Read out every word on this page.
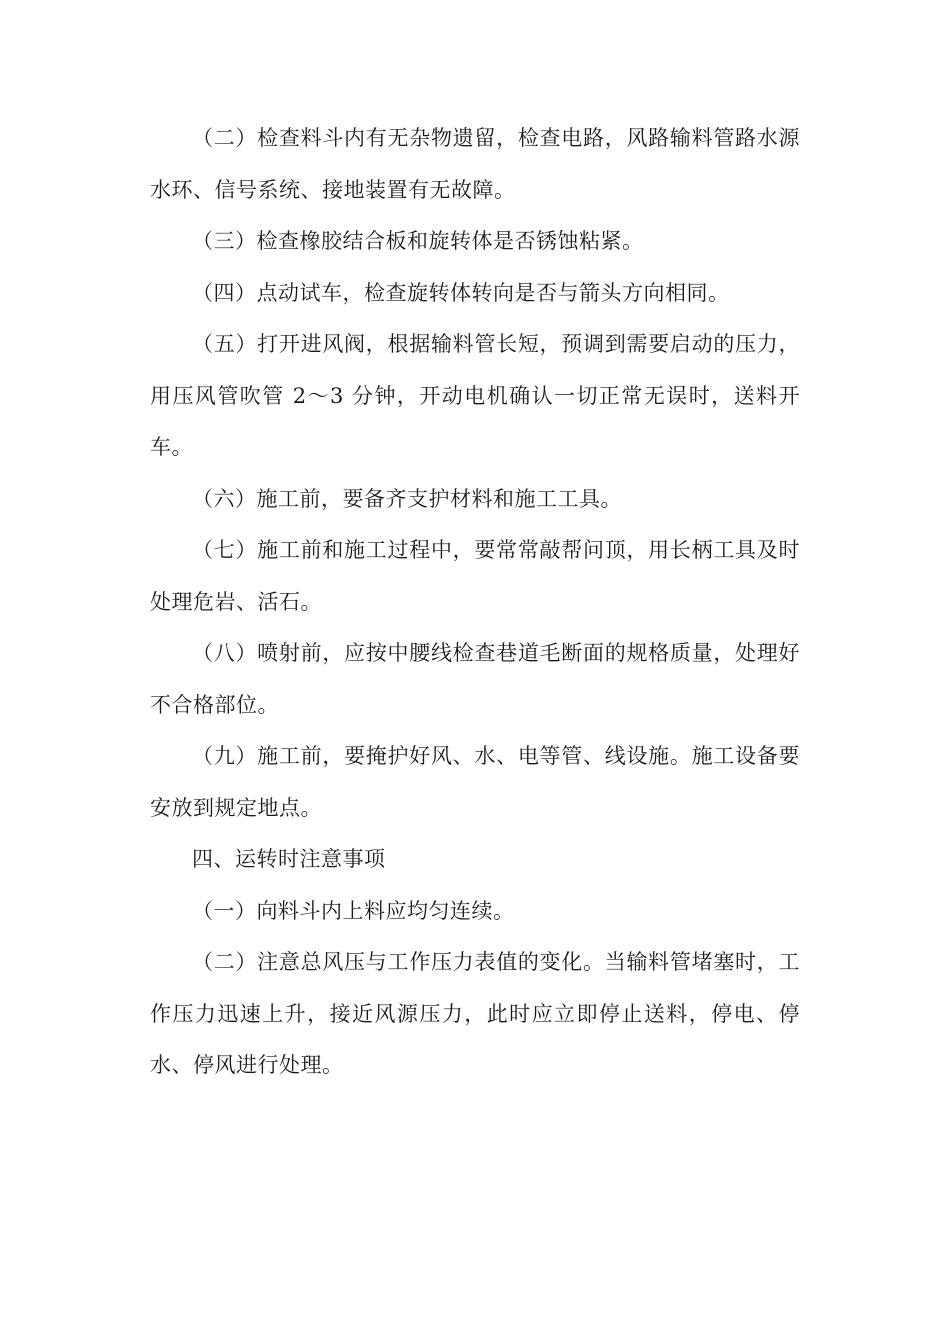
（二）检查料斗内有无杂物遗留，检查电路，风路输料管路水源水环、信号系统、接地装置有无故障。

（三）检查橡胶结合板和旋转体是否锈蚀粘紧。

（四）点动试车，检查旋转体转向是否与箭头方向相同。

（五）打开进风阀，根据输料管长短，预调到需要启动的压力，用压风管吹管 2～3 分钟，开动电机确认一切正常无误时，送料开车。

（六）施工前，要备齐支护材料和施工工具。

（七）施工前和施工过程中，要常常敲帮问顶，用长柄工具及时处理危岩、活石。

（八）喷射前，应按中腰线检查巷道毛断面的规格质量，处理好不合格部位。

（九）施工前，要掩护好风、水、电等管、线设施。施工设备要安放到规定地点。

四、运转时注意事项

（一）向料斗内上料应均匀连续。

（二）注意总风压与工作压力表值的变化。当输料管堵塞时，工作压力迅速上升，接近风源压力，此时应立即停止送料，停电、停水、停风进行处理。
